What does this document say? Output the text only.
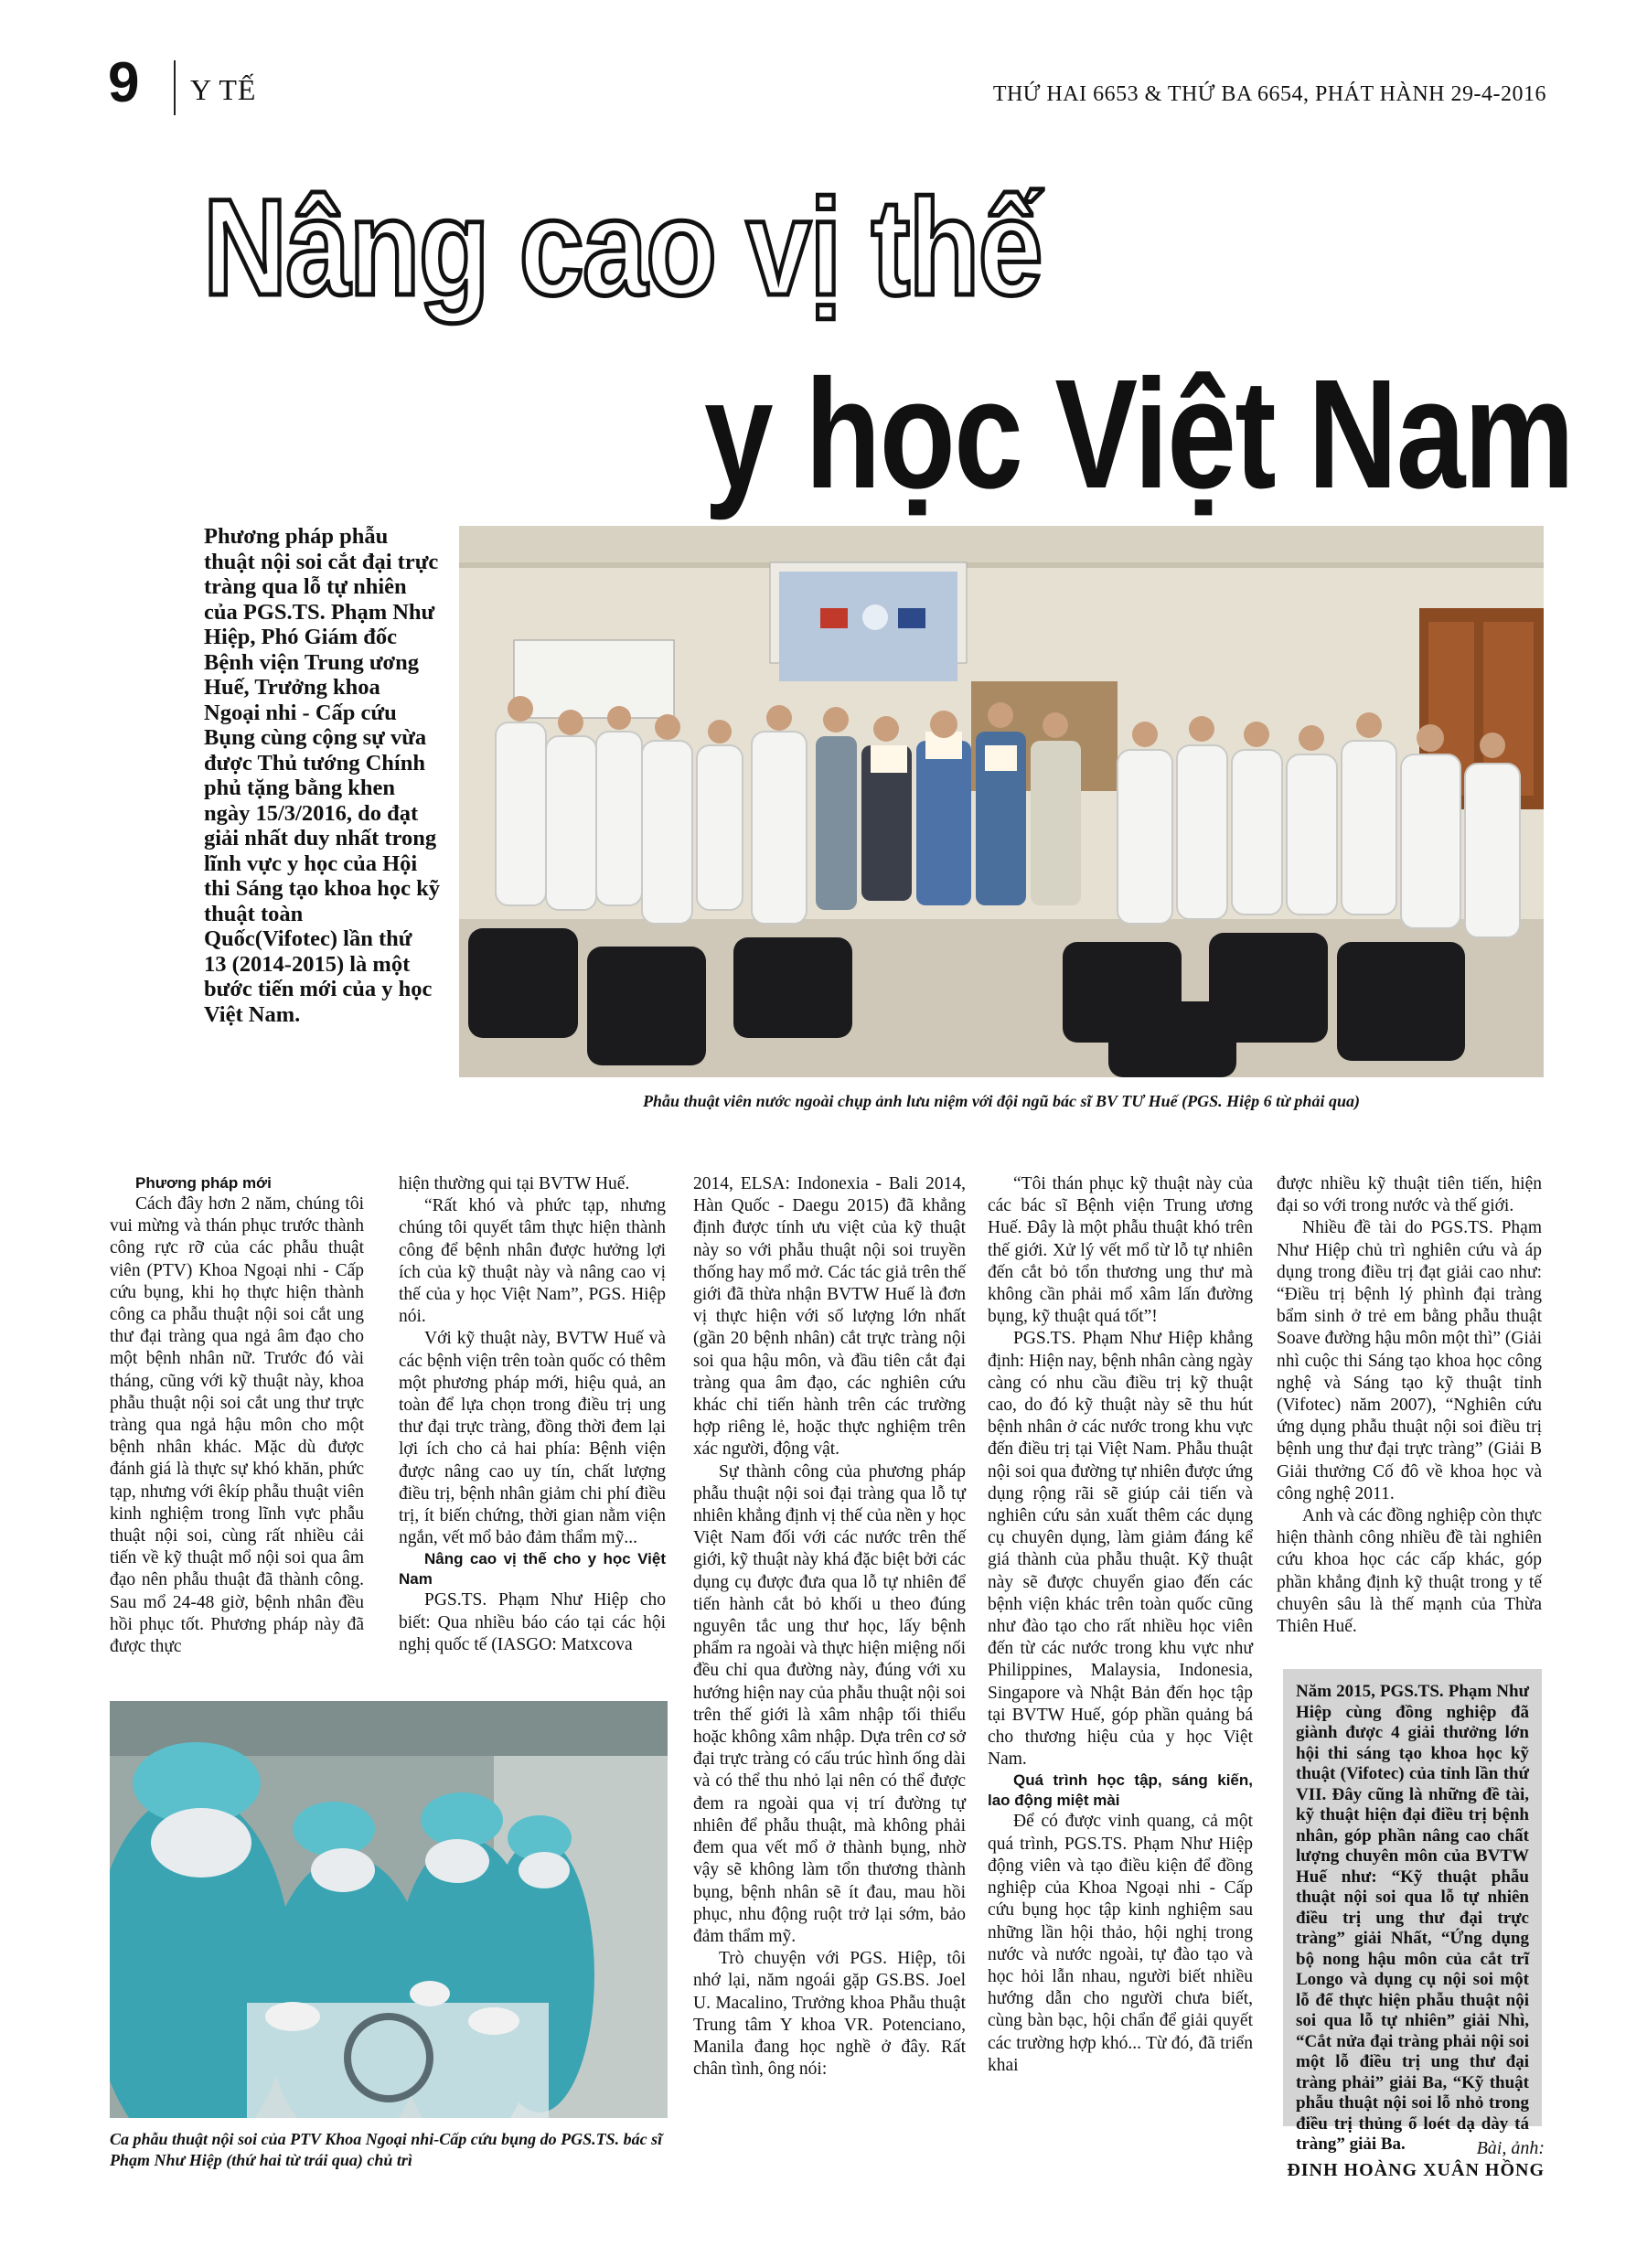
9 Y TẾ	THỨ HAI 6653 & THỨ BA 6654, PHÁT HÀNH 29-4-2016
Nâng cao vị thế
y học Việt Nam
Phương pháp phẫu thuật nội soi cắt đại trực tràng qua lỗ tự nhiên của PGS.TS. Phạm Như Hiệp, Phó Giám đốc Bệnh viện Trung ương Huế, Trưởng khoa Ngoại nhi - Cấp cứu Bụng cùng cộng sự vừa được Thủ tướng Chính phủ tặng bằng khen ngày 15/3/2016, do đạt giải nhất duy nhất trong lĩnh vực y học của Hội thi Sáng tạo khoa học kỹ thuật toàn Quốc(Vifotec) lần thứ 13 (2014-2015) là một bước tiến mới của y học Việt Nam.
Phẫu thuật viên nước ngoài chụp ảnh lưu niệm với đội ngũ bác sĩ BV TƯ Huế (PGS. Hiệp 6 từ phải qua)
Ca phẫu thuật nội soi của PTV Khoa Ngoại nhi-Cấp cứu bụng do PGS.TS. bác sĩ Phạm Như Hiệp (thứ hai từ trái qua) chủ trì

Phương pháp mới

Cách đây hơn 2 năm, chúng tôi vui mừng và thán phục trước thành công rực rỡ của các phẫu thuật viên (PTV) Khoa Ngoại nhi - Cấp cứu bụng, khi họ thực hiện thành công ca phẫu thuật nội soi cắt ung thư đại tràng qua ngả âm đạo cho một bệnh nhân nữ. Trước đó vài tháng, cũng với kỹ thuật này, khoa phẫu thuật nội soi cắt ung thư trực tràng qua ngả hậu môn cho một bệnh nhân khác. Mặc dù được đánh giá là thực sự khó khăn, phức tạp, nhưng với êkíp phẫu thuật viên kinh nghiệm trong lĩnh vực phẫu thuật nội soi, cùng rất nhiều cải tiến về kỹ thuật mổ nội soi qua âm đạo nên phẫu thuật đã thành công. Sau mổ 24-48 giờ, bệnh nhân đều hồi phục tốt. Phương pháp này đã được thực

hiện thường qui tại BVTW Huế.

“Rất khó và phức tạp, nhưng chúng tôi quyết tâm thực hiện thành công để bệnh nhân được hưởng lợi ích của kỹ thuật này và nâng cao vị thế của y học Việt Nam”, PGS. Hiệp nói.

Với kỹ thuật này, BVTW Huế và các bệnh viện trên toàn quốc có thêm một phương pháp mới, hiệu quả, an toàn để lựa chọn trong điều trị ung thư đại trực tràng, đồng thời đem lại lợi ích cho cả hai phía: Bệnh viện được nâng cao uy tín, chất lượng điều trị, bệnh nhân giảm chi phí điều trị, ít biến chứng, thời gian nằm viện ngắn, vết mổ bảo đảm thẩm mỹ...

Nâng cao vị thế cho y học Việt Nam

PGS.TS. Phạm Như Hiệp cho biết: Qua nhiều báo cáo tại các hội nghị quốc tế (IASGO: Matxcova

2014, ELSA: Indonexia - Bali 2014, Hàn Quốc - Daegu 2015) đã khẳng định được tính ưu việt của kỹ thuật này so với phẫu thuật nội soi truyền thống hay mổ mở. Các tác giả trên thế giới đã thừa nhận BVTW Huế là đơn vị thực hiện với số lượng lớn nhất (gần 20 bệnh nhân) cắt trực tràng nội soi qua hậu môn, và đầu tiên cắt đại tràng qua âm đạo, các nghiên cứu khác chỉ tiến hành trên các trường hợp riêng lẻ, hoặc thực nghiệm trên xác người, động vật.

Sự thành công của phương pháp phẫu thuật nội soi đại tràng qua lỗ tự nhiên khẳng định vị thế của nền y học Việt Nam đối với các nước trên thế giới, kỹ thuật này khá đặc biệt bởi các dụng cụ được đưa qua lỗ tự nhiên để tiến hành cắt bỏ khối u theo đúng nguyên tắc ung thư học, lấy bệnh phẩm ra ngoài và thực hiện miệng nối đều chỉ qua đường này, đúng với xu hướng hiện nay của phẫu thuật nội soi trên thế giới là xâm nhập tối thiểu hoặc không xâm nhập. Dựa trên cơ sở đại trực tràng có cấu trúc hình ống dài và có thể thu nhỏ lại nên có thể được đem ra ngoài qua vị trí đường tự nhiên để phẫu thuật, mà không phải đem qua vết mổ ở thành bụng, nhờ vậy sẽ không làm tổn thương thành bụng, bệnh nhân sẽ ít đau, mau hồi phục, nhu động ruột trở lại sớm, bảo đảm thẩm mỹ.

Trò chuyện với PGS. Hiệp, tôi nhớ lại, năm ngoái gặp GS.BS. Joel U. Macalino, Trưởng khoa Phẫu thuật Trung tâm Y khoa VR. Potenciano, Manila đang học nghề ở đây. Rất chân tình, ông nói:

“Tôi thán phục kỹ thuật này của các bác sĩ Bệnh viện Trung ương Huế. Đây là một phẫu thuật khó trên thế giới. Xử lý vết mổ từ lỗ tự nhiên đến cắt bỏ tổn thương ung thư mà không cần phải mổ xâm lấn đường bụng, kỹ thuật quá tốt”!

PGS.TS. Phạm Như Hiệp khẳng định: Hiện nay, bệnh nhân càng ngày càng có nhu cầu điều trị kỹ thuật cao, do đó kỹ thuật này sẽ thu hút bệnh nhân ở các nước trong khu vực đến điều trị tại Việt Nam. Phẫu thuật nội soi qua đường tự nhiên được ứng dụng rộng rãi sẽ giúp cải tiến và nghiên cứu sản xuất thêm các dụng cụ chuyên dụng, làm giảm đáng kể giá thành của phẫu thuật. Kỹ thuật này sẽ được chuyển giao đến các bệnh viện khác trên toàn quốc cũng như đào tạo cho rất nhiều học viên đến từ các nước trong khu vực như Philippines, Malaysia, Indonesia, Singapore và Nhật Bản đến học tập tại BVTW Huế, góp phần quảng bá cho thương hiệu của y học Việt Nam.

Quá trình học tập, sáng kiến, lao động miệt mài

Để có được vinh quang, cả một quá trình, PGS.TS. Phạm Như Hiệp động viên và tạo điều kiện để đồng nghiệp của Khoa Ngoại nhi - Cấp cứu bụng học tập kinh nghiệm sau những lần hội thảo, hội nghị trong nước và nước ngoài, tự đào tạo và học hỏi lẫn nhau, người biết nhiều hướng dẫn cho người chưa biết, cùng bàn bạc, hội chẩn để giải quyết các trường hợp khó... Từ đó, đã triển khai

được nhiều kỹ thuật tiên tiến, hiện đại so với trong nước và thế giới.

Nhiều đề tài do PGS.TS. Phạm Như Hiệp chủ trì nghiên cứu và áp dụng trong điều trị đạt giải cao như: “Điều trị bệnh lý phình đại tràng bẩm sinh ở trẻ em bằng phẫu thuật Soave đường hậu môn một thì” (Giải nhì cuộc thi Sáng tạo khoa học công nghệ và Sáng tạo kỹ thuật tỉnh (Vifotec) năm 2007), “Nghiên cứu ứng dụng phẫu thuật nội soi điều trị bệnh ung thư đại trực tràng” (Giải B Giải thưởng Cố đô về khoa học và công nghệ 2011.

Anh và các đồng nghiệp còn thực hiện thành công nhiều đề tài nghiên cứu khoa học các cấp khác, góp phần khẳng định kỹ thuật trong y tế chuyên sâu là thế mạnh của Thừa Thiên Huế.

Năm 2015, PGS.TS. Phạm Như Hiệp cùng đồng nghiệp đã giành được 4 giải thưởng lớn hội thi sáng tạo khoa học kỹ thuật (Vifotec) của tỉnh lần thứ VII. Đây cũng là những đề tài, kỹ thuật hiện đại điều trị bệnh nhân, góp phần nâng cao chất lượng chuyên môn của BVTW Huế như: “Kỹ thuật phẫu thuật nội soi qua lỗ tự nhiên điều trị ung thư đại trực tràng” giải Nhất, “Ứng dụng bộ nong hậu môn của cắt trĩ Longo và dụng cụ nội soi một lỗ để thực hiện phẫu thuật nội soi qua lỗ tự nhiên” giải Nhì, “Cắt nửa đại tràng phải nội soi một lỗ điều trị ung thư đại tràng phải” giải Ba, “Kỹ thuật phẫu thuật nội soi lỗ nhỏ trong điều trị thủng ổ loét dạ dày tá tràng” giải Ba.	Bài, ảnh:
ĐINH HOÀNG XUÂN HỒNG
